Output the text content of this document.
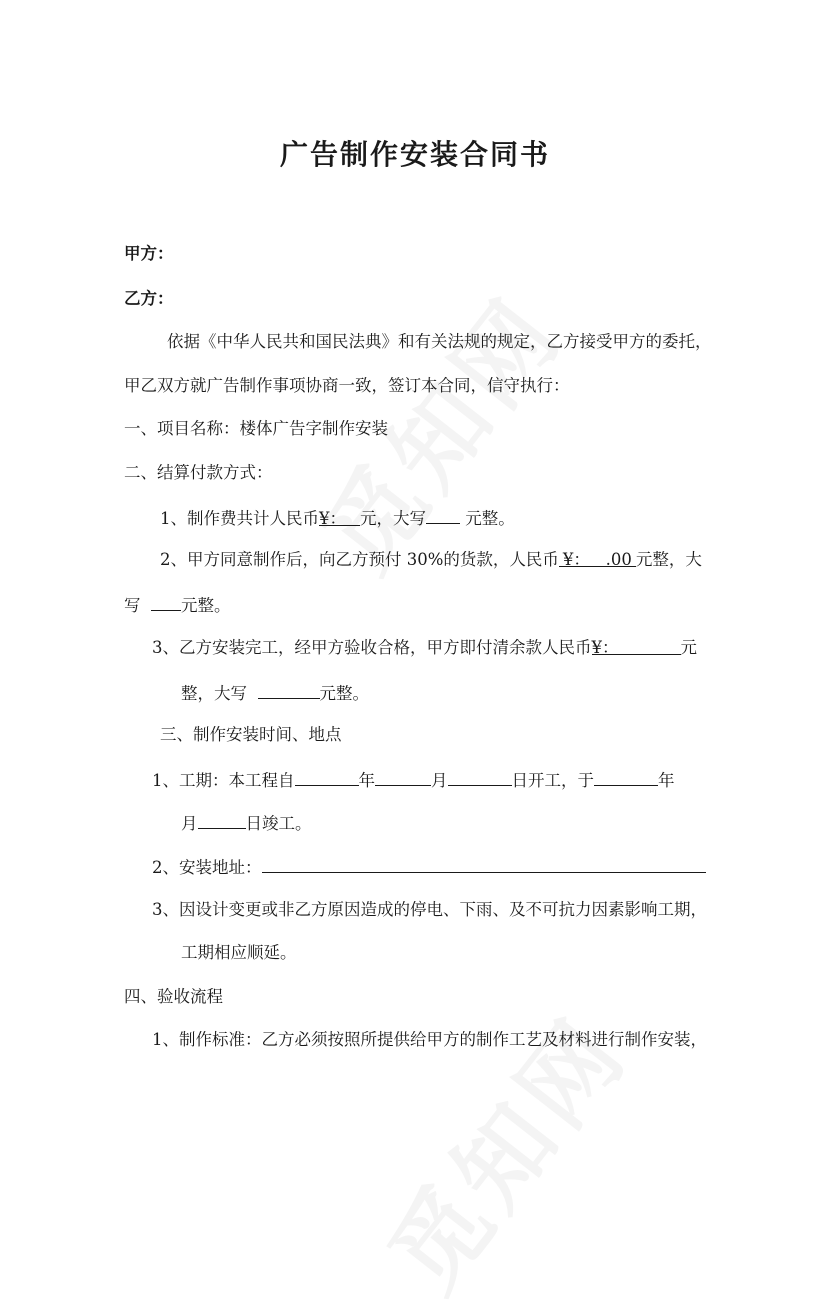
广告制作安装合同书
甲方：
乙方：
依据《中华人民共和国民法典》和有关法规的规定，乙方接受甲方的委托，
甲乙双方就广告制作事项协商一致，签订本合同，信守执行：
一、项目名称：楼体广告字制作安装
二、结算付款方式：
1、制作费共计人民币¥： 元，大写 元整。
2、甲方同意制作后，向乙方预付 30%的货款，人民币 ¥： .00 元整，大
写 元整。
3、乙方安装完工，经甲方验收合格，甲方即付清余款人民币¥：	元
整，大写	元整。
三、制作安装时间、地点
1、工期：本工程自	年	月	日开工，于	年
月	日竣工。
2、安装地址：
3、因设计变更或非乙方原因造成的停电、下雨、及不可抗力因素影响工期，
工期相应顺延。
四、验收流程
1、制作标准：乙方必须按照所提供给甲方的制作工艺及材料进行制作安装，
